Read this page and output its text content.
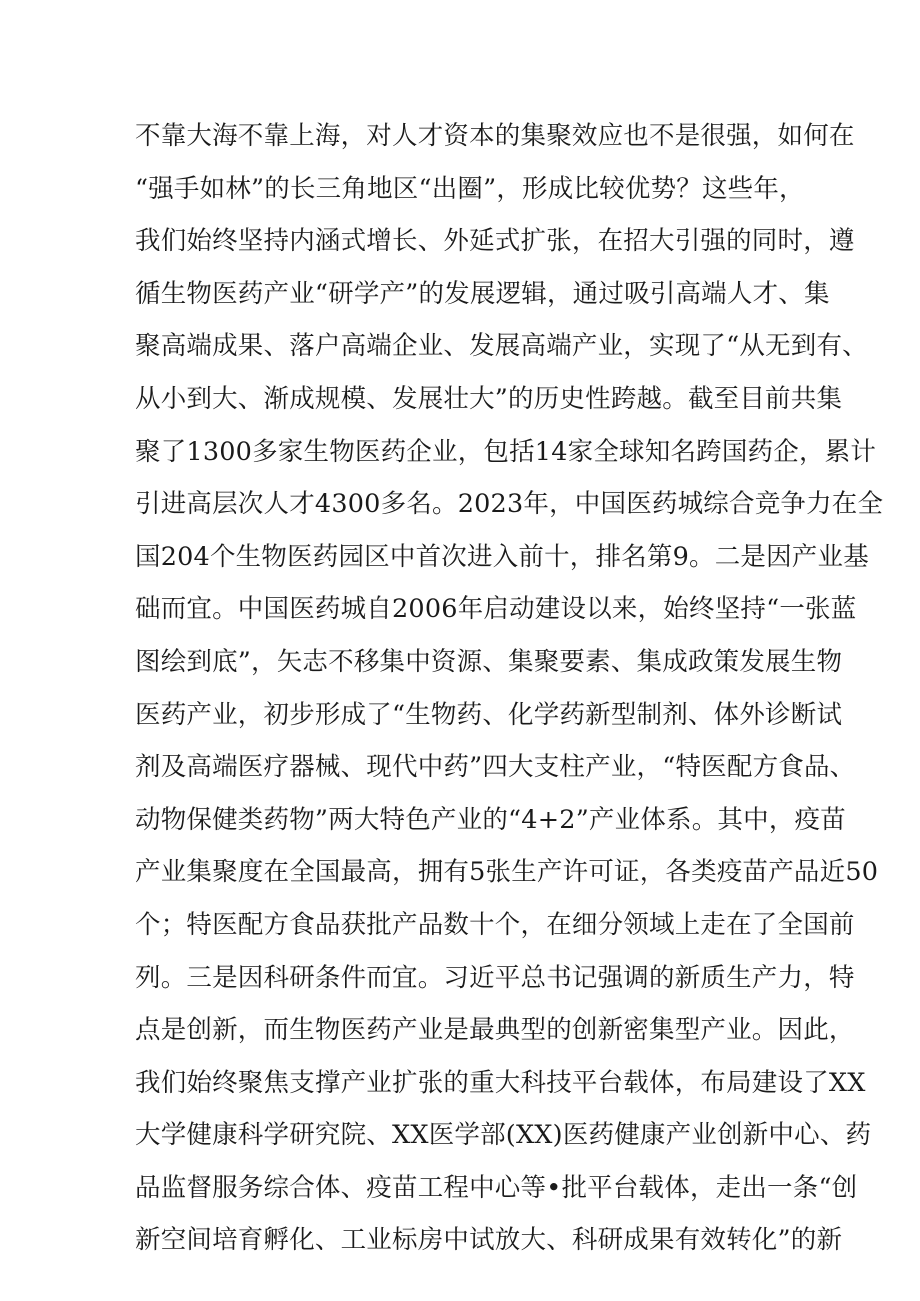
不靠大海不靠上海，对人才资本的集聚效应也不是很强，如何在
“强手如林”的长三角地区“出圈”，形成比较优势？这些年，
我们始终坚持内涵式增长、外延式扩张，在招大引强的同时，遵
循生物医药产业“研学产”的发展逻辑，通过吸引高端人才、集
聚高端成果、落户高端企业、发展高端产业，实现了“从无到有、
从小到大、渐成规模、发展壮大”的历史性跨越。截至目前共集
聚了1300多家生物医药企业，包括14家全球知名跨国药企，累计
引进高层次人才4300多名。2023年，中国医药城综合竞争力在全
国204个生物医药园区中首次进入前十，排名第9。二是因产业基
础而宜。中国医药城自2006年启动建设以来，始终坚持“一张蓝
图绘到底”，矢志不移集中资源、集聚要素、集成政策发展生物
医药产业，初步形成了“生物药、化学药新型制剂、体外诊断试
剂及高端医疗器械、现代中药”四大支柱产业，“特医配方食品、
动物保健类药物”两大特色产业的“4+2”产业体系。其中，疫苗
产业集聚度在全国最高，拥有5张生产许可证，各类疫苗产品近50
个；特医配方食品获批产品数十个，在细分领域上走在了全国前
列。三是因科研条件而宜。习近平总书记强调的新质生产力，特
点是创新，而生物医药产业是最典型的创新密集型产业。因此，
我们始终聚焦支撑产业扩张的重大科技平台载体，布局建设了XX
大学健康科学研究院、XX医学部(XX)医药健康产业创新中心、药
品监督服务综合体、疫苗工程中心等•批平台载体，走出一条“创
新空间培育孵化、工业标房中试放大、科研成果有效转化”的新
